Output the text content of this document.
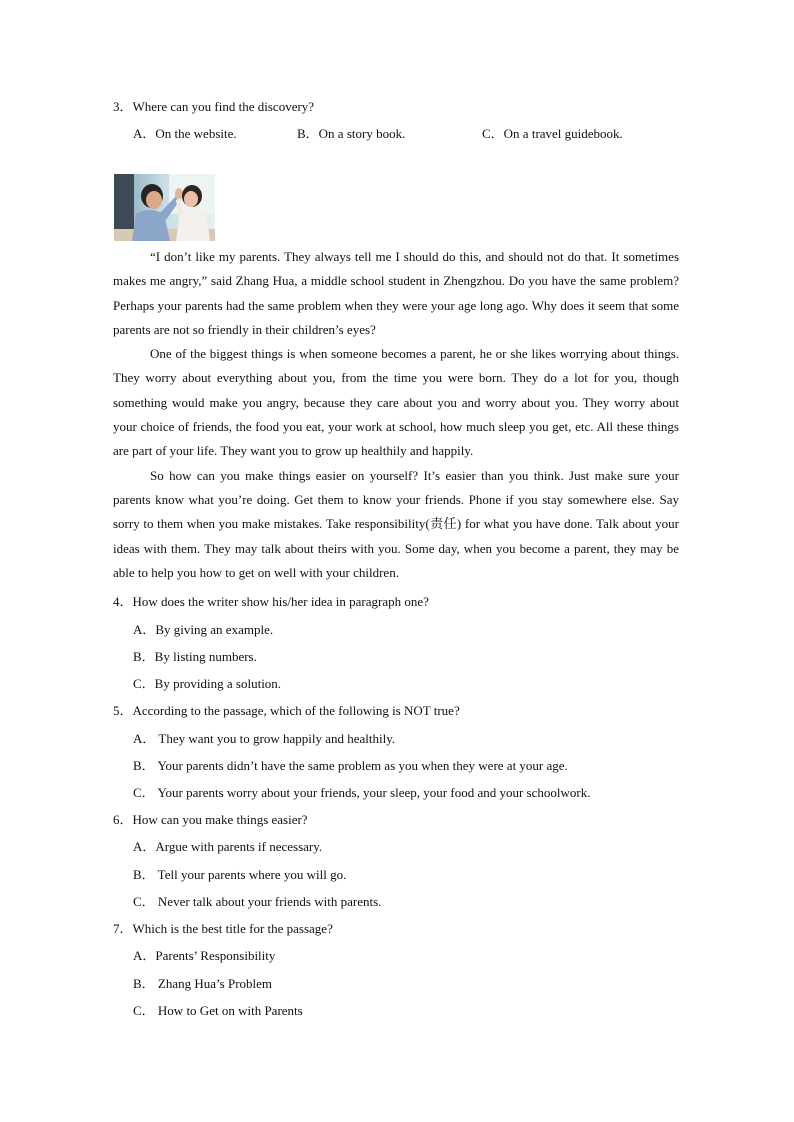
3．Where can you find the discovery?
A．On the website.	B．On a story book.	C．On a travel guidebook.

“I don’t like my parents. They always tell me I should do this, and should not do that. It sometimes makes me angry,” said Zhang Hua, a middle school student in Zhengzhou. Do you have the same problem? Perhaps your parents had the same problem when they were your age long ago. Why does it seem that some parents are not so friendly in their children’s eyes?

One of the biggest things is when someone becomes a parent, he or she likes worrying about things. They worry about everything about you, from the time you were born. They do a lot for you, though something would make you angry, because they care about you and worry about you. They worry about your choice of friends, the food you eat, your work at school, how much sleep you get, etc. All these things are part of your life. They want you to grow up healthily and happily.

So how can you make things easier on yourself? It’s easier than you think. Just make sure your parents know what you’re doing. Get them to know your friends. Phone if you stay somewhere else. Say sorry to them when you make mistakes. Take responsibility(责任) for what you have done. Talk about your ideas with them. They may talk about theirs with you. Some day, when you become a parent, they may be able to help you how to get on well with your children.

4．How does the writer show his/her idea in paragraph one?
A．By giving an example.
B．By listing numbers.
C．By providing a solution.
5．According to the passage, which of the following is NOT true?
A． They want you to grow happily and healthily.
B． Your parents didn’t have the same problem as you when they were at your age.
C． Your parents worry about your friends, your sleep, your food and your schoolwork.
6．How can you make things easier?
A．Argue with parents if necessary.
B． Tell your parents where you will go.
C． Never talk about your friends with parents.
7．Which is the best title for the passage?
A．Parents’ Responsibility
B． Zhang Hua’s Problem
C． How to Get on with Parents
